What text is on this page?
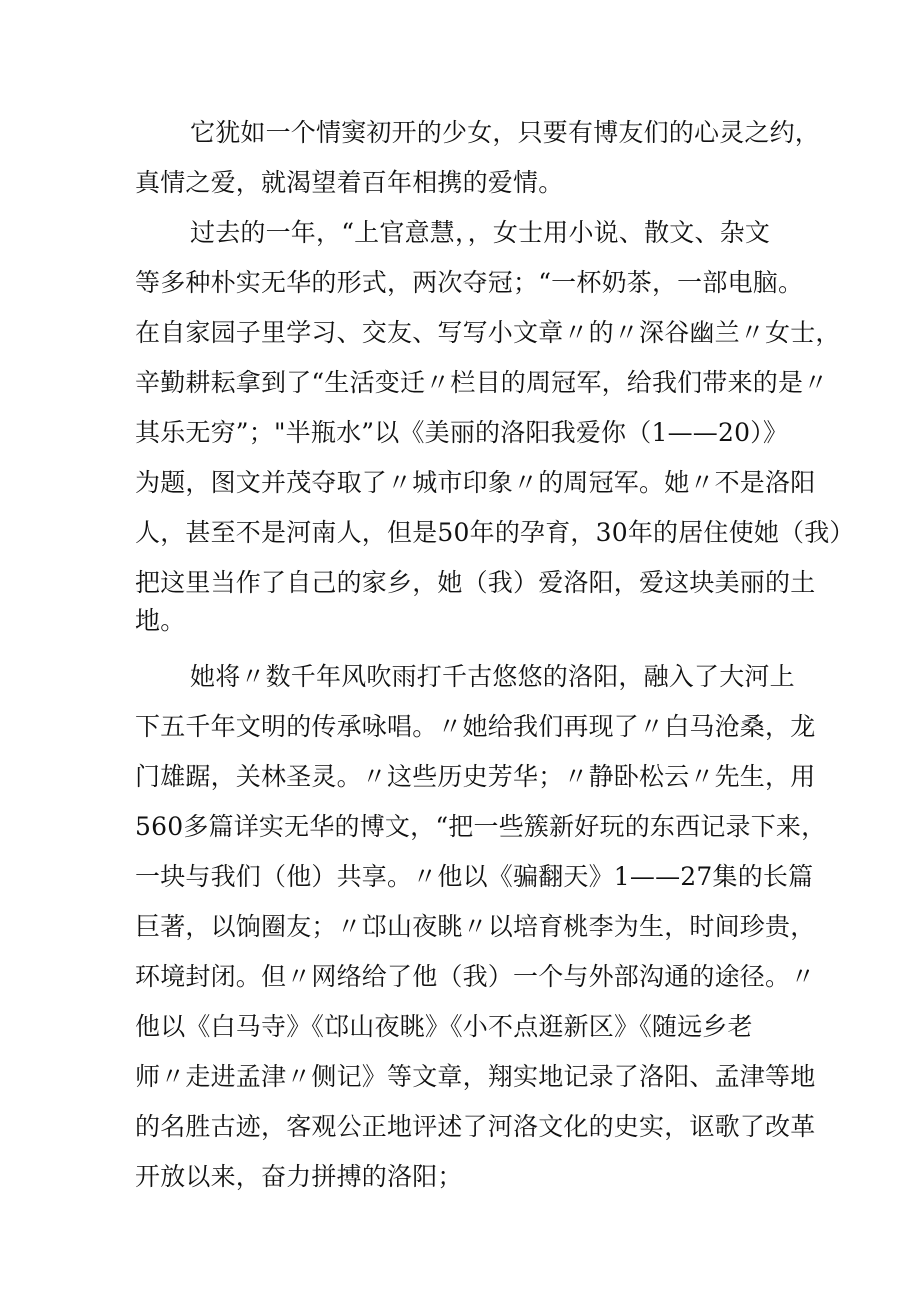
它犹如一个情窦初开的少女，只要有博友们的心灵之约，
真情之爱，就渴望着百年相携的爱情。
过去的一年，“上官意慧，，女士用小说、散文、杂文
等多种朴实无华的形式，两次夺冠；“一杯奶茶，一部电脑。
在自家园子里学习、交友、写写小文章〃的〃深谷幽兰〃女士，
辛勤耕耘拿到了“生活变迁〃栏目的周冠军，给我们带来的是〃
其乐无穷”；"半瓶水”以《美丽的洛阳我爱你（1——20）》
为题，图文并茂夺取了〃城市印象〃的周冠军。她〃不是洛阳
人，甚至不是河南人，但是50年的孕育，30年的居住使她（我）
把这里当作了自己的家乡，她（我）爱洛阳，爱这块美丽的土
地。
她将〃数千年风吹雨打千古悠悠的洛阳，融入了大河上
下五千年文明的传承咏唱。〃她给我们再现了〃白马沧桑，龙
门雄踞，关林圣灵。〃这些历史芳华；〃静卧松云〃先生，用
560多篇详实无华的博文，“把一些簇新好玩的东西记录下来，
一块与我们（他）共享。〃他以《骗翻天》1——27集的长篇
巨著，以饷圈友；〃邙山夜眺〃以培育桃李为生，时间珍贵，
环境封闭。但〃网络给了他（我）一个与外部沟通的途径。〃
他以《白马寺》《邙山夜眺》《小不点逛新区》《随远乡老
师〃走进孟津〃侧记》等文章，翔实地记录了洛阳、孟津等地
的名胜古迹，客观公正地评述了河洛文化的史实，讴歌了改革
开放以来，奋力拼搏的洛阳；
